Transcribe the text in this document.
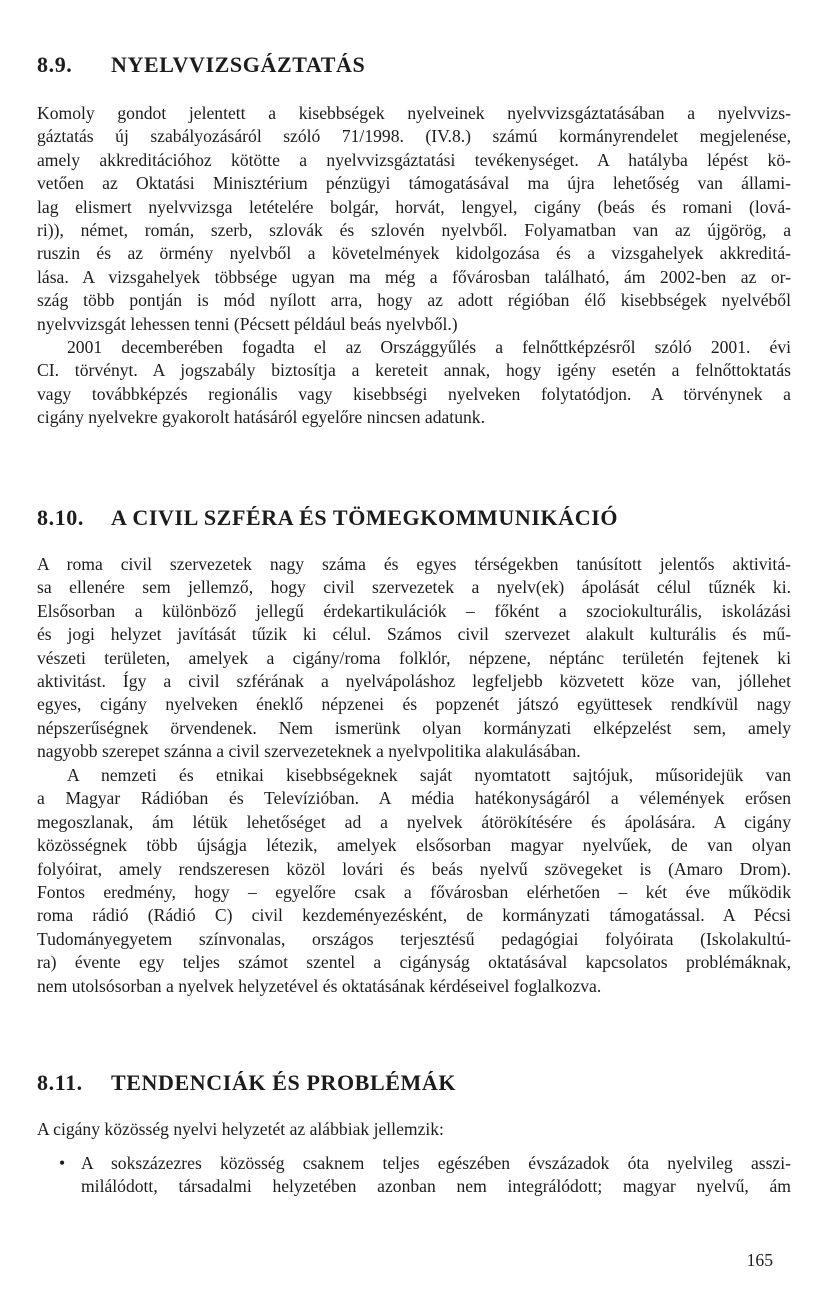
8.9. NYELVVIZSGÁZTATÁS
Komoly gondot jelentett a kisebbségek nyelveinek nyelvvizsgáztatásában a nyelvvizs-
gáztatás új szabályozásáról szóló 71/1998. (IV.8.) számú kormányrendelet megjelenése,
amely akkreditációhoz kötötte a nyelvvizsgáztatási tevékenységet. A hatályba lépést kö-
vetően az Oktatási Minisztérium pénzügyi támogatásával ma újra lehetőség van állami-
lag elismert nyelvvizsga letételére bolgár, horvát, lengyel, cigány (beás és romani (lová-
ri)), német, román, szerb, szlovák és szlovén nyelvből. Folyamatban van az újgörög, a
ruszin és az örmény nyelvből a követelmények kidolgozása és a vizsgahelyek akkreditá-
lása. A vizsgahelyek többsége ugyan ma még a fővárosban található, ám 2002-ben az or-
szág több pontján is mód nyílott arra, hogy az adott régióban élő kisebbségek nyelvéből
nyelvvizsgát lehessen tenni (Pécsett például beás nyelvből.)
2001 decemberében fogadta el az Országgyűlés a felnőttképzésről szóló 2001. évi
CI. törvényt. A jogszabály biztosítja a kereteit annak, hogy igény esetén a felnőttoktatás
vagy továbbképzés regionális vagy kisebbségi nyelveken folytatódjon. A törvénynek a
cigány nyelvekre gyakorolt hatásáról egyelőre nincsen adatunk.
8.10. A CIVIL SZFÉRA ÉS TÖMEGKOMMUNIKÁCIÓ
A roma civil szervezetek nagy száma és egyes térségekben tanúsított jelentős aktivitá-
sa ellenére sem jellemző, hogy civil szervezetek a nyelv(ek) ápolását célul tűznék ki.
Elsősorban a különböző jellegű érdekartikulációk – főként a szociokulturális, iskolázási
és jogi helyzet javítását tűzik ki célul. Számos civil szervezet alakult kulturális és mű-
vészeti területen, amelyek a cigány/roma folklór, népzene, néptánc területén fejtenek ki
aktivitást. Így a civil szférának a nyelvápoláshoz legfeljebb közvetett köze van, jóllehet
egyes, cigány nyelveken éneklő népzenei és popzenét játszó együttesek rendkívül nagy
népszerűségnek örvendenek. Nem ismerünk olyan kormányzati elképzelést sem, amely
nagyobb szerepet szánna a civil szervezeteknek a nyelvpolitika alakulásában.
A nemzeti és etnikai kisebbségeknek saját nyomtatott sajtójuk, műsoridejük van
a Magyar Rádióban és Televízióban. A média hatékonyságáról a vélemények erősen
megoszlanak, ám létük lehetőséget ad a nyelvek átörökítésére és ápolására. A cigány
közösségnek több újságja létezik, amelyek elsősorban magyar nyelvűek, de van olyan
folyóirat, amely rendszeresen közöl lovári és beás nyelvű szövegeket is (Amaro Drom).
Fontos eredmény, hogy – egyelőre csak a fővárosban elérhetően – két éve működik
roma rádió (Rádió C) civil kezdeményezésként, de kormányzati támogatással. A Pécsi
Tudományegyetem színvonalas, országos terjesztésű pedagógiai folyóirata (Iskolakultú-
ra) évente egy teljes számot szentel a cigányság oktatásával kapcsolatos problémáknak,
nem utolsósorban a nyelvek helyzetével és oktatásának kérdéseivel foglalkozva.
8.11. TENDENCIÁK ÉS PROBLÉMÁK
A cigány közösség nyelvi helyzetét az alábbiak jellemzik:
• A sokszázezres közösség csaknem teljes egészében évszázadok óta nyelvileg asszi-
milálódott, társadalmi helyzetében azonban nem integrálódott; magyar nyelvű, ám
165
